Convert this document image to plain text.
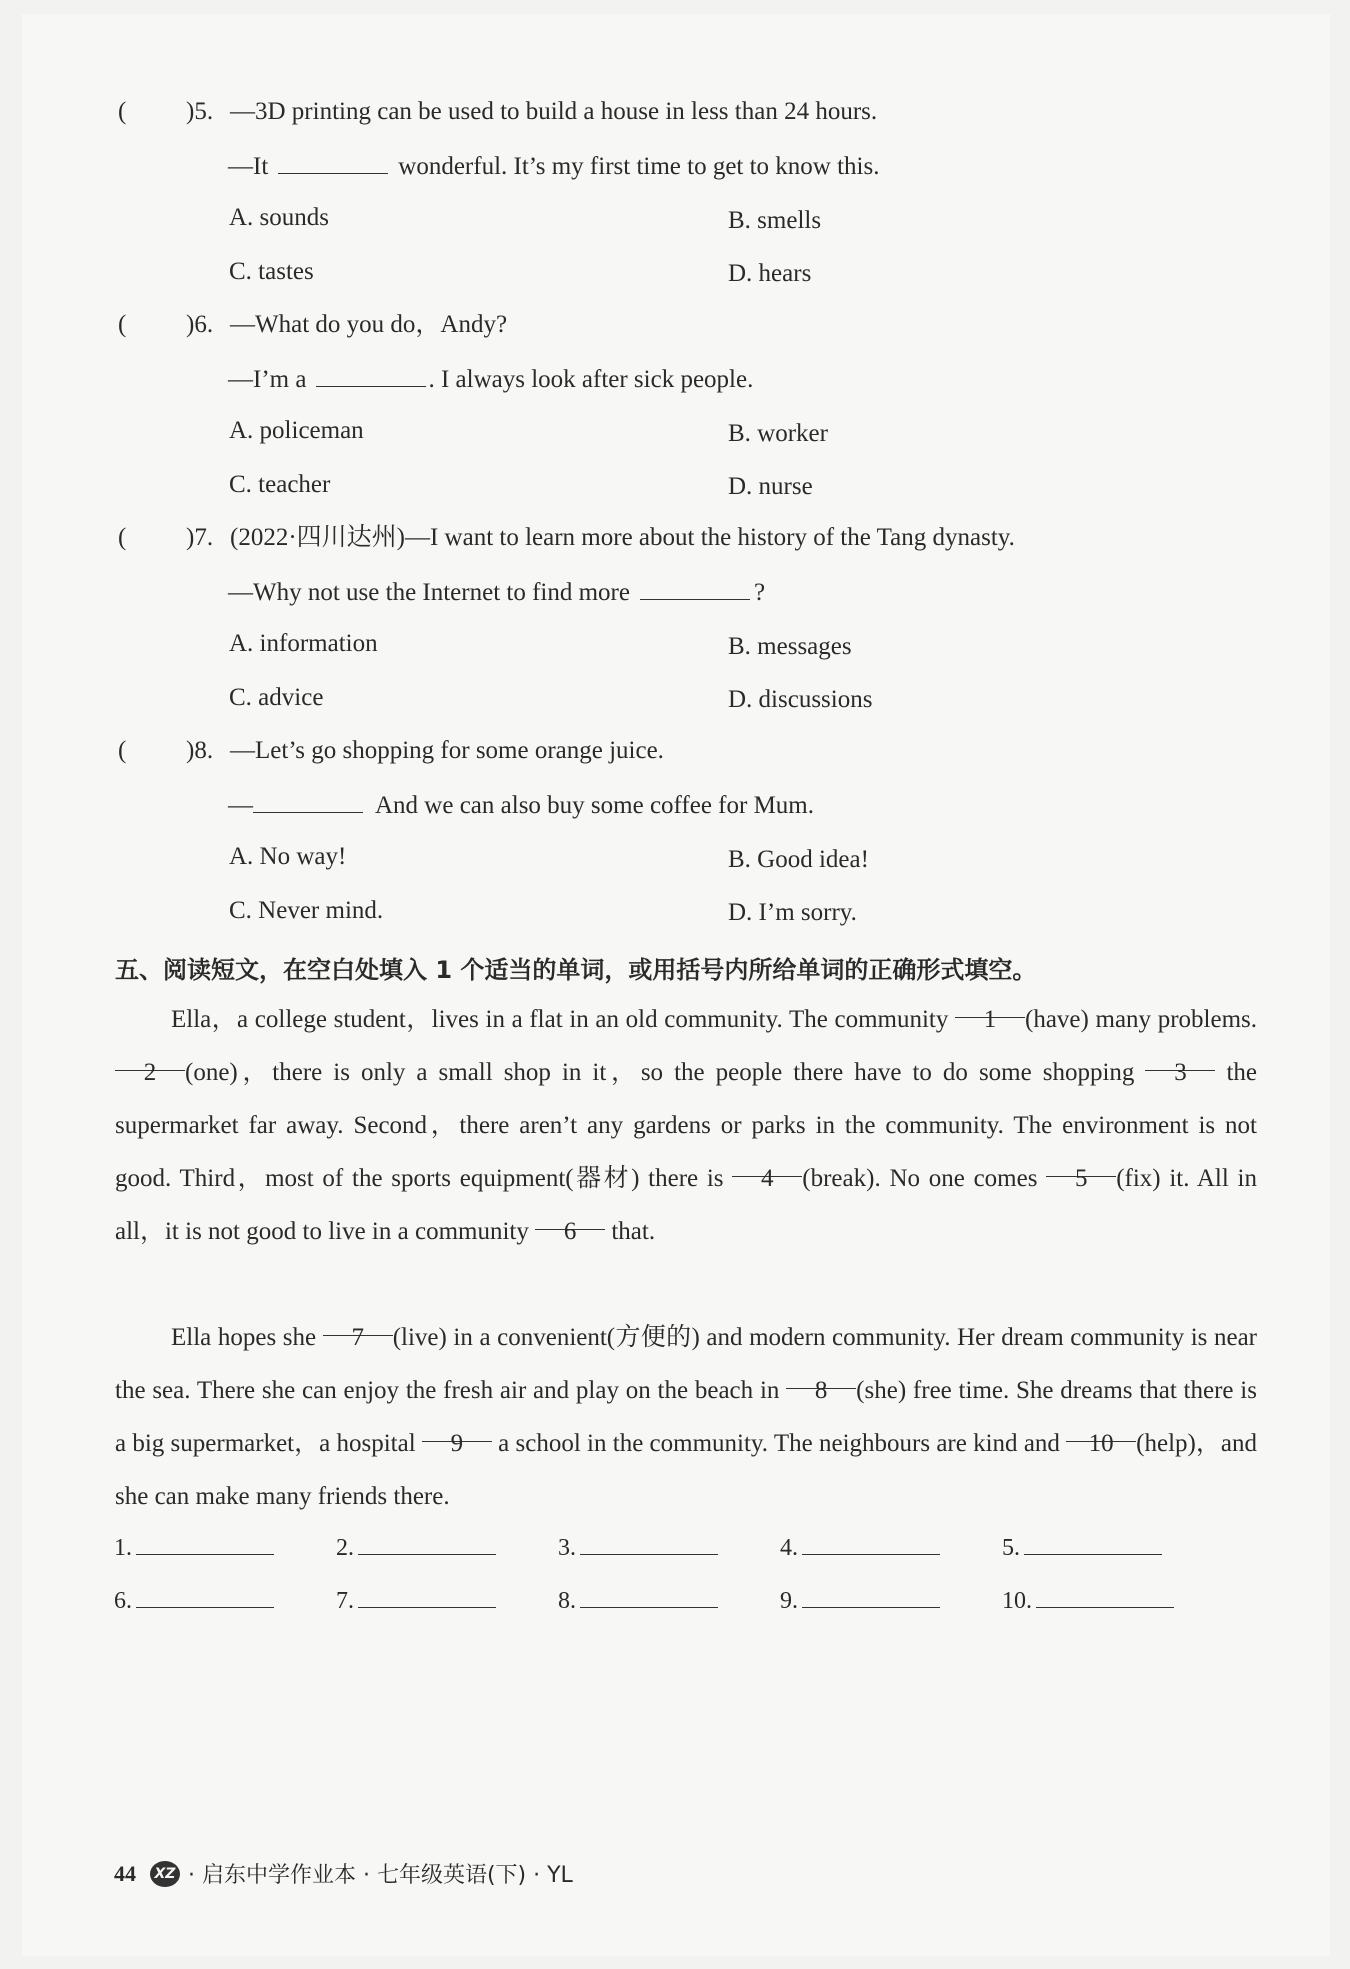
( )5. —3D printing can be used to build a house in less than 24 hours.
—It	wonderful. It’s my first time to get to know this.
A. sounds	B. smells
C. tastes	D. hears
( )6. —What do you do，Andy?
—I’m a	. I always look after sick people.
A. policeman	B. worker
C. teacher	D. nurse
( )7. (2022·四川达州)—I want to learn more about the history of the Tang dynasty.
—Why not use the Internet to find more	?
A. information	B. messages
C. advice	D. discussions
( )8. —Let’s go shopping for some orange juice.
—	And we can also buy some coffee for Mum.
A. No way!	B. Good idea!
C. Never mind.	D. I’m sorry.
五、阅读短文，在空白处填入 1 个适当的单词，或用括号内所给单词的正确形式填空。
Ella，a college student，lives in a flat in an old community. The community 1 (have) many problems. 2 (one)，there is only a small shop in it，so the people there have to do some shopping 3 the supermarket far away. Second，there aren’t any gardens or parks in the community. The environment is not good. Third，most of the sports equipment(器材) there is 4 (break). No one comes 5 (fix) it. All in all，it is not good to live in a community 6 that.
Ella hopes she 7 (live) in a convenient(方便的) and modern community. Her dream community is near the sea. There she can enjoy the fresh air and play on the beach in 8 (she) free time. She dreams that there is a big supermarket，a hospital 9 a school in the community. The neighbours are kind and 10 (help)，and she can make many friends there.
1.	2.	3.	4.	5.
6.	7.	8.	9.	10.
44	XZ · 启东中学作业本 · 七年级英语(下) · YL
